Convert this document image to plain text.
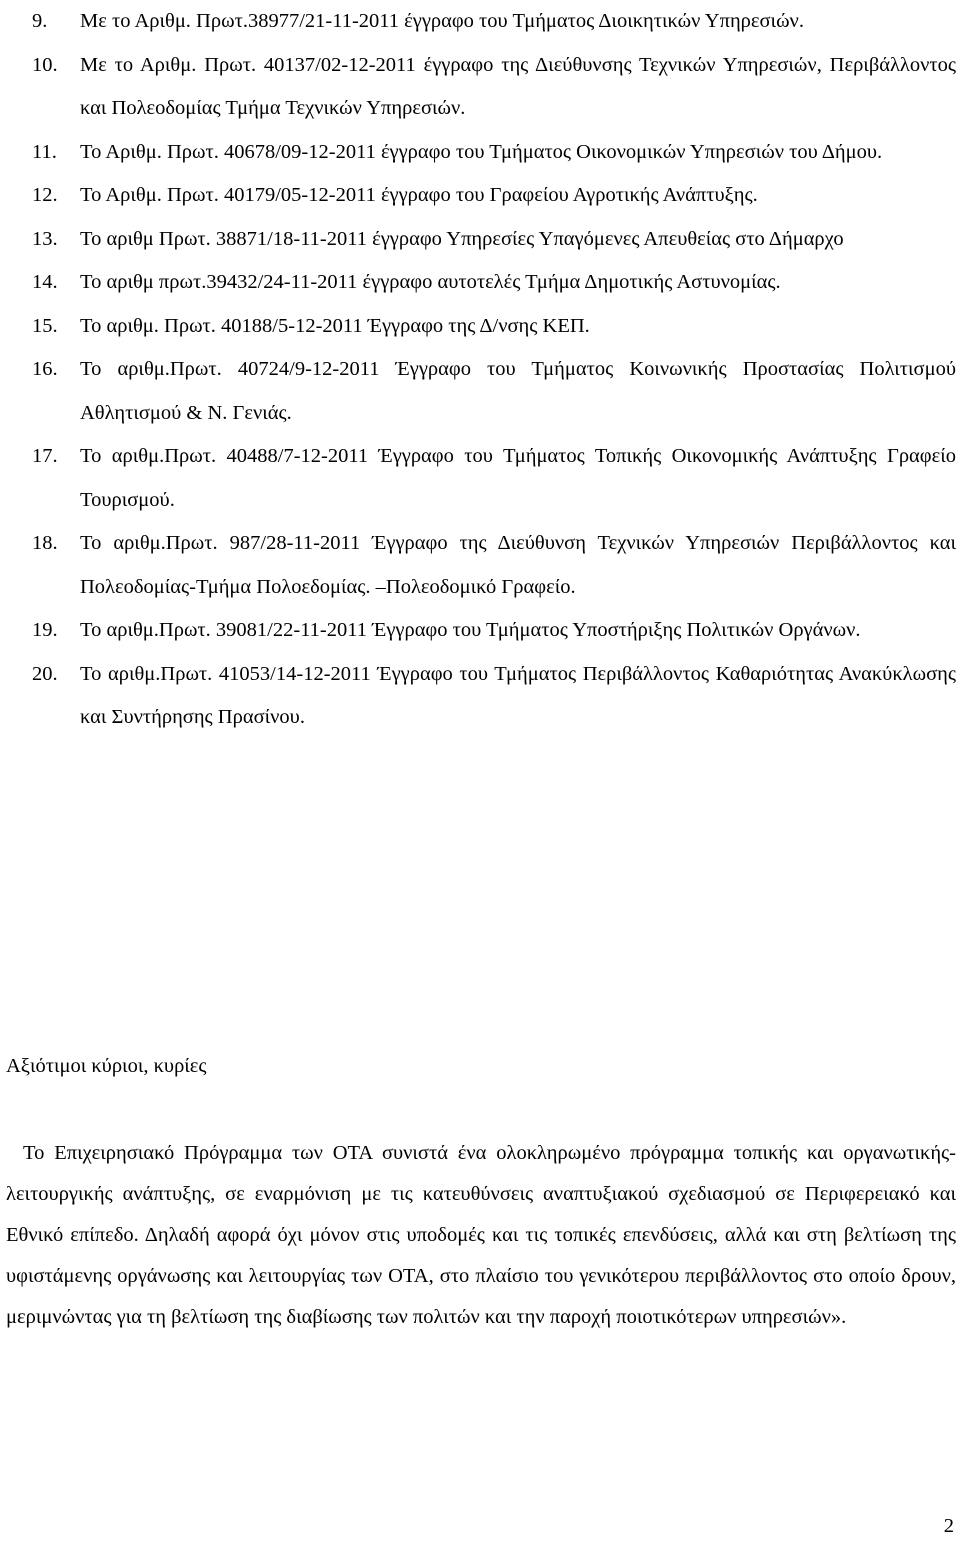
9. Με το Αριθμ. Πρωτ.38977/21-11-2011 έγγραφο του Τμήματος Διοικητικών Υπηρεσιών.
10. Με το Αριθμ. Πρωτ. 40137/02-12-2011 έγγραφο της Διεύθυνσης Τεχνικών Υπηρεσιών, Περιβάλλοντος και Πολεοδομίας Τμήμα Τεχνικών Υπηρεσιών.
11. Το Αριθμ. Πρωτ. 40678/09-12-2011 έγγραφο του Τμήματος Οικονομικών Υπηρεσιών του Δήμου.
12. Το Αριθμ. Πρωτ. 40179/05-12-2011 έγγραφο του Γραφείου Αγροτικής Ανάπτυξης.
13. Το αριθμ Πρωτ. 38871/18-11-2011 έγγραφο Υπηρεσίες Υπαγόμενες Απευθείας στο Δήμαρχο
14. Το αριθμ πρωτ.39432/24-11-2011 έγγραφο αυτοτελές Τμήμα Δημοτικής Αστυνομίας.
15. Το αριθμ. Πρωτ. 40188/5-12-2011 Έγγραφο της Δ/νσης ΚΕΠ.
16. Το αριθμ.Πρωτ. 40724/9-12-2011 Έγγραφο του Τμήματος Κοινωνικής Προστασίας Πολιτισμού Αθλητισμού & Ν. Γενιάς.
17. Το αριθμ.Πρωτ. 40488/7-12-2011 Έγγραφο του Τμήματος Τοπικής Οικονομικής Ανάπτυξης Γραφείο Τουρισμού.
18. Το αριθμ.Πρωτ. 987/28-11-2011 Έγγραφο της Διεύθυνση Τεχνικών Υπηρεσιών Περιβάλλοντος και Πολεοδομίας-Τμήμα Πολοεδομίας. –Πολεοδομικό Γραφείο.
19. Το αριθμ.Πρωτ. 39081/22-11-2011 Έγγραφο του Τμήματος Υποστήριξης Πολιτικών Οργάνων.
20. Το αριθμ.Πρωτ. 41053/14-12-2011 Έγγραφο του Τμήματος Περιβάλλοντος Καθαριότητας Ανακύκλωσης και Συντήρησης Πρασίνου.

Αξιότιμοι κύριοι, κυρίες

Το Επιχειρησιακό Πρόγραμμα των ΟΤΑ συνιστά ένα ολοκληρωμένο πρόγραμμα τοπικής και οργανωτικής- λειτουργικής ανάπτυξης, σε εναρμόνιση με τις κατευθύνσεις αναπτυξιακού σχεδιασμού σε Περιφερειακό και Εθνικό επίπεδο. Δηλαδή αφορά όχι μόνον στις υποδομές και τις τοπικές επενδύσεις, αλλά και στη βελτίωση της υφιστάμενης οργάνωσης και λειτουργίας των ΟΤΑ, στο πλαίσιο του γενικότερου περιβάλλοντος στο οποίο δρουν, μεριμνώντας για τη βελτίωση της διαβίωσης των πολιτών και την παροχή ποιοτικότερων υπηρεσιών».

2
